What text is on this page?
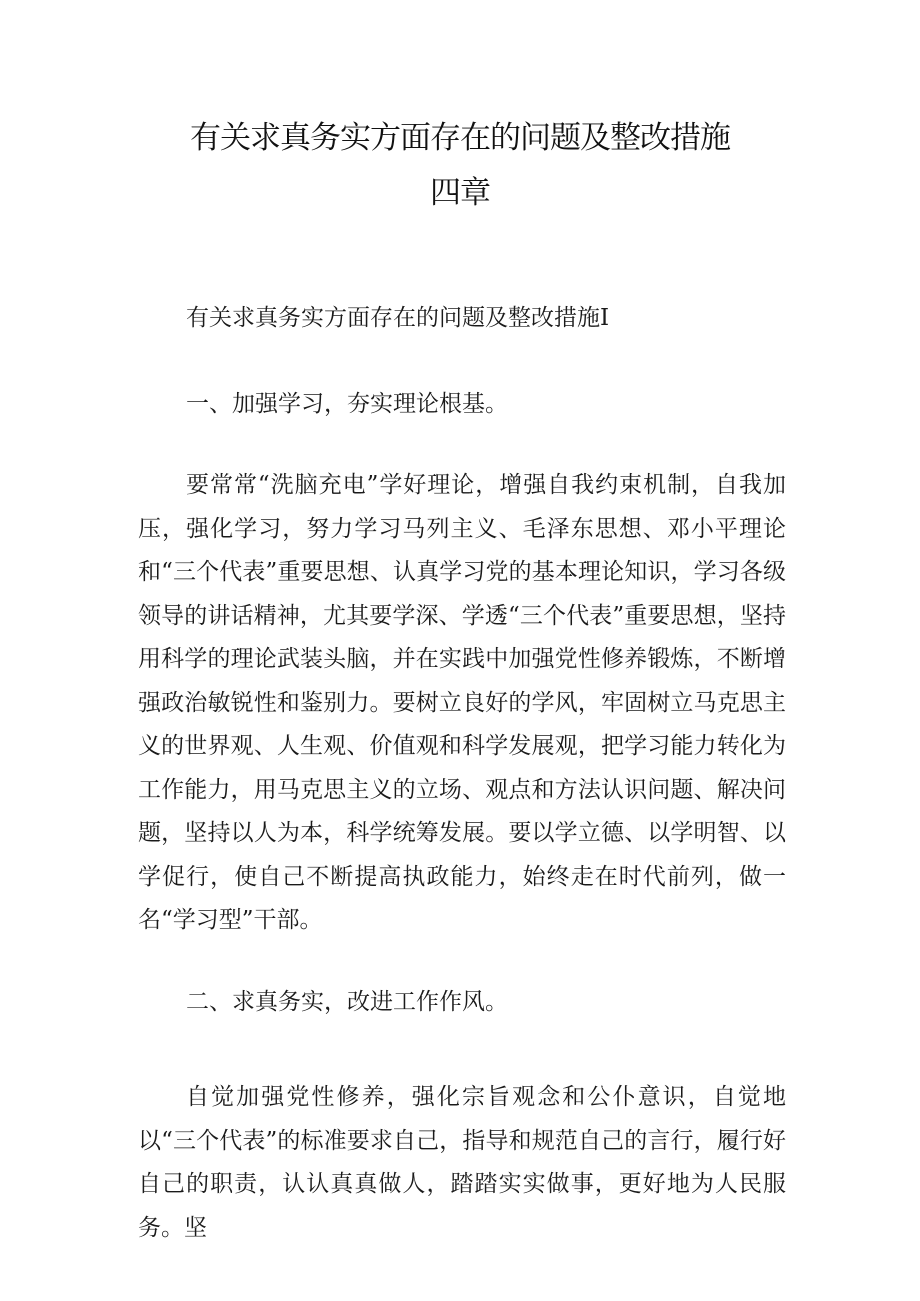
有关求真务实方面存在的问题及整改措施
四章
有关求真务实方面存在的问题及整改措施Ⅰ
一、加强学习，夯实理论根基。
要常常“洗脑充电”学好理论，增强自我约束机制，自我加压，强化学习，努力学习马列主义、毛泽东思想、邓小平理论和“三个代表”重要思想、认真学习党的基本理论知识，学习各级领导的讲话精神，尤其要学深、学透“三个代表”重要思想，坚持用科学的理论武装头脑，并在实践中加强党性修养锻炼，不断增强政治敏锐性和鉴别力。要树立良好的学风，牢固树立马克思主义的世界观、人生观、价值观和科学发展观，把学习能力转化为工作能力，用马克思主义的立场、观点和方法认识问题、解决问题，坚持以人为本，科学统筹发展。要以学立德、以学明智、以学促行，使自己不断提高执政能力，始终走在时代前列，做一名“学习型”干部。
二、求真务实，改进工作作风。
自觉加强党性修养，强化宗旨观念和公仆意识，自觉地以“三个代表”的标准要求自己，指导和规范自己的言行，履行好自己的职责，认认真真做人，踏踏实实做事，更好地为人民服务。坚
